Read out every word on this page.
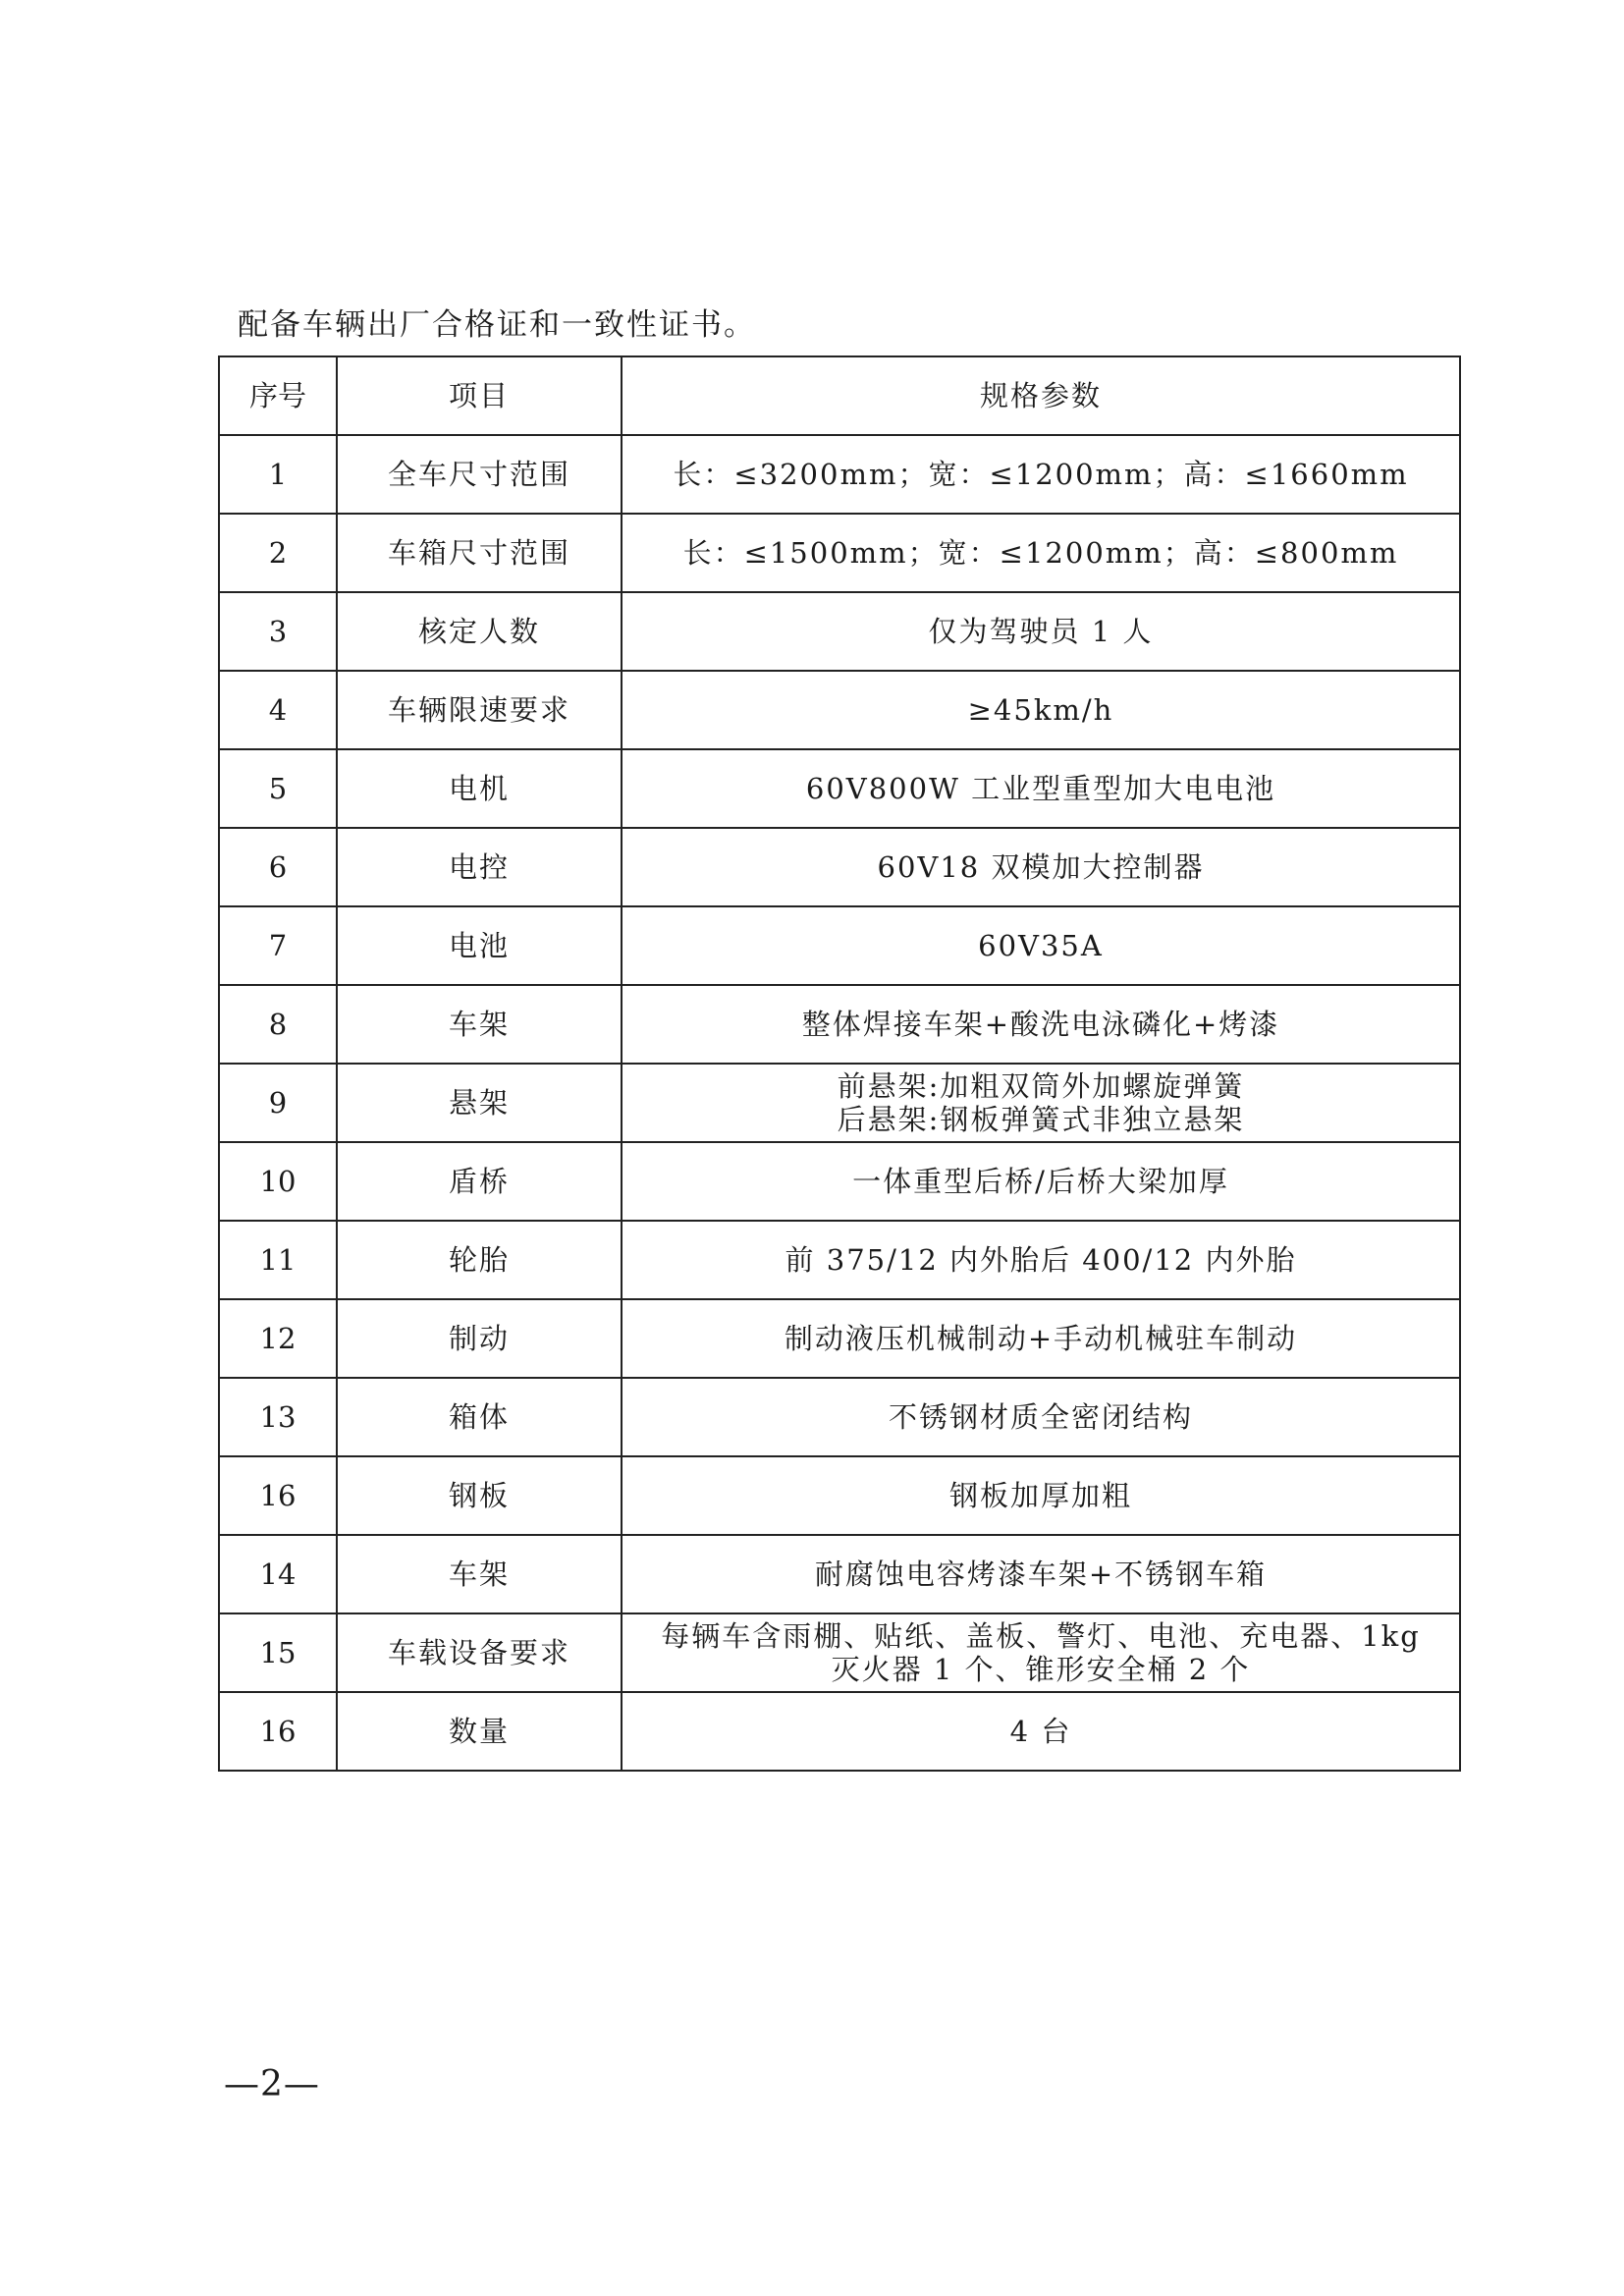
配备车辆出厂合格证和一致性证书。
序号	项目	规格参数
1	全车尺寸范围	长：≤3200mm；宽：≤1200mm；高：≤1660mm

2	车箱尺寸范围	长：≤1500mm；宽：≤1200mm；高：≤800mm

3	核定人数	仅为驾驶员 1 人

4	车辆限速要求	≥45km/h

5	电机	60V800W 工业型重型加大电电池

6	电控	60V18 双模加大控制器

7	电池	60V35A

8	车架	整体焊接车架+酸洗电泳磷化+烤漆

9	悬架	前悬架:加粗双筒外加螺旋弹簧
后悬架:钢板弹簧式非独立悬架

10	盾桥	一体重型后桥/后桥大梁加厚

11	轮胎	前 375/12 内外胎后 400/12 内外胎

12	制动	制动液压机械制动+手动机械驻车制动

13	箱体	不锈钢材质全密闭结构

16	钢板	钢板加厚加粗

14	车架	耐腐蚀电容烤漆车架+不锈钢车箱

15	车载设备要求	每辆车含雨棚、贴纸、盖板、警灯、电池、充电器、1kg
灭火器 1 个、锥形安全桶 2 个

16	数量	4 台
—2—
